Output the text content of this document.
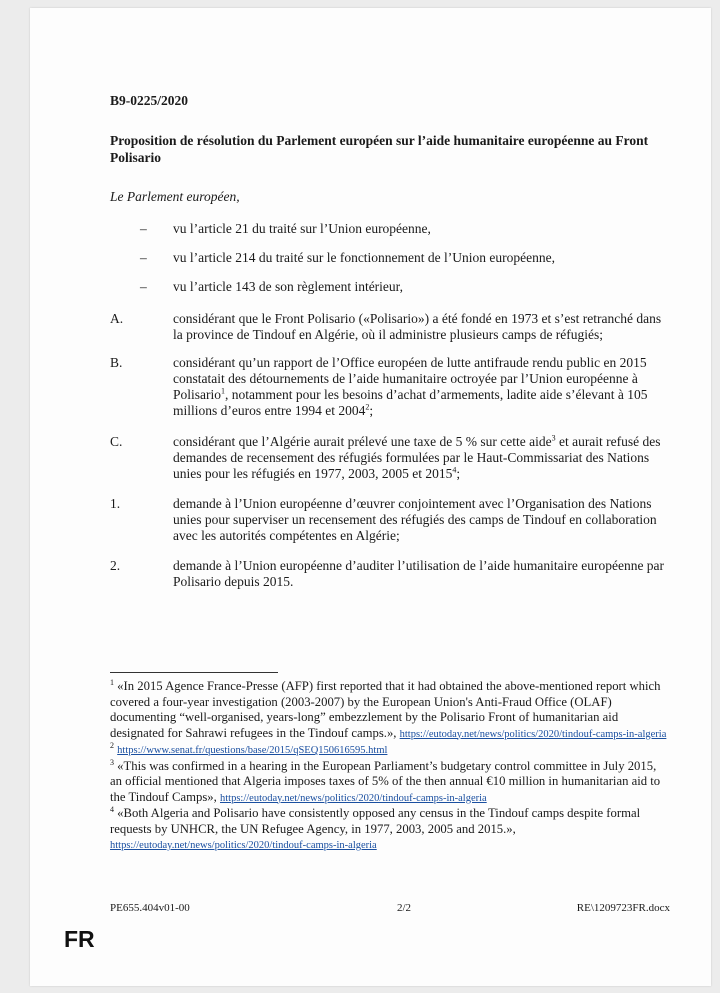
B9-0225/2020
Proposition de résolution du Parlement européen sur l’aide humanitaire européenne au Front Polisario
Le Parlement européen,
–	vu l’article 21 du traité sur l’Union européenne,
–	vu l’article 214 du traité sur le fonctionnement de l’Union européenne,
–	vu l’article 143 de son règlement intérieur,
A.	considérant que le Front Polisario («Polisario») a été fondé en 1973 et s’est retranché dans la province de Tindouf en Algérie, où il administre plusieurs camps de réfugiés;
B.	considérant qu’un rapport de l’Office européen de lutte antifraude rendu public en 2015 constatait des détournements de l’aide humanitaire octroyée par l’Union européenne à Polisario$^1$, notamment pour les besoins d’achat d’armements, ladite aide s’élevant à 105 millions d’euros entre 1994 et 2004$^2$;
C.	considérant que l’Algérie aurait prélevé une taxe de 5 % sur cette aide$^3$ et aurait refusé des demandes de recensement des réfugiés formulées par le Haut-Commissariat des Nations unies pour les réfugiés en 1977, 2003, 2005 et 2015$^4$;
1.	demande à l’Union européenne d’œuvrer conjointement avec l’Organisation des Nations unies pour superviser un recensement des réfugiés des camps de Tindouf en collaboration avec les autorités compétentes en Algérie;
2.	demande à l’Union européenne d’auditer l’utilisation de l’aide humanitaire européenne par Polisario depuis 2015.

$^1$ «In 2015 Agence France-Presse (AFP) first reported that it had obtained the above-mentioned report which covered a four-year investigation (2003-2007) by the European Union's Anti-Fraud Office (OLAF) documenting “well-organised, years-long” embezzlement by the Polisario Front of humanitarian aid designated for Sahrawi refugees in the Tindouf camps.», https://eutoday.net/news/politics/2020/tindouf-camps-in-algeria

$^2$ https://www.senat.fr/questions/base/2015/qSEQ150616595.html

$^3$ «This was confirmed in a hearing in the European Parliament’s budgetary control committee in July 2015, an official mentioned that Algeria imposes taxes of 5% of the then annual €10 million in humanitarian aid to the Tindouf Camps», https://eutoday.net/news/politics/2020/tindouf-camps-in-algeria

$^4$ «Both Algeria and Polisario have consistently opposed any census in the Tindouf camps despite formal requests by UNHCR, the UN Refugee Agency, in 1977, 2003, 2005 and 2015.», https://eutoday.net/news/politics/2020/tindouf-camps-in-algeria

PE655.404v01-00	2/2	RE\1209723FR.docx
FR
